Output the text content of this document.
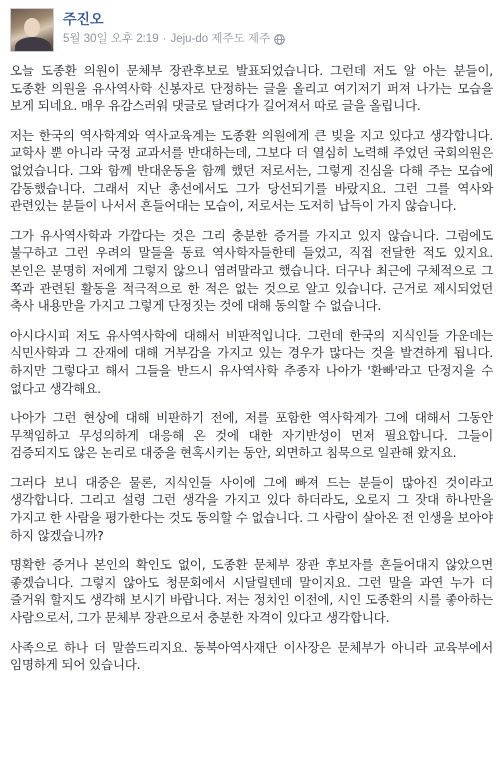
주진오
5월 30일 오후 2:19 · Jeju-do 제주도 제주

오늘 도종환 의원이 문체부 장관후보로 발표되었습니다. 그런데 저도 알 아는 분들이, 도종환 의원을 유사역사학 신봉자로 단정하는 글을 올리고 여기저기 퍼져 나가는 모습을 보게 되네요. 매우 유감스러워 댓글로 달려다가 길어져서 따로 글을 올립니다.

저는 한국의 역사학계와 역사교육계는 도종환 의원에게 큰 빚을 지고 있다고 생각합니다. 교학사 뿐 아니라 국정 교과서를 반대하는데, 그보다 더 열심히 노력해 주었던 국회의원은 없었습니다. 그와 함께 반대운동을 함께 했던 저로서는, 그렇게 진심을 다해 주는 모습에 감동했습니다. 그래서 지난 총선에서도 그가 당선되기를 바랐지요. 그런 그를 역사와 관련있는 분들이 나서서 흔들어대는 모습이, 저로서는 도저히 납득이 가지 않습니다.

그가 유사역사학과 가깝다는 것은 그리 충분한 증거를 가지고 있지 않습니다. 그럼에도 불구하고 그런 우려의 말들을 동료 역사학자들한테 들었고, 직접 전달한 적도 있지요. 본인은 분명히 저에게 그렇지 않으니 염려말라고 했습니다. 더구나 최근에 구체적으로 그 쪽과 관련된 활동을 적극적으로 한 적은 없는 것으로 알고 있습니다. 근거로 제시되었던 축사 내용만을 가지고 그렇게 단정짓는 것에 대해 동의할 수 없습니다.

아시다시피 저도 유사역사학에 대해서 비판적입니다. 그런데 한국의 지식인들 가운데는 식민사학과 그 잔재에 대해 거부감을 가지고 있는 경우가 많다는 것을 발견하게 됩니다. 하지만 그렇다고 해서 그들을 반드시 유사역사학 추종자 나아가 '환빠'라고 단정지을 수 없다고 생각해요.

나아가 그런 현상에 대해 비판하기 전에, 저를 포함한 역사학계가 그에 대해서 그동안 무책임하고 무성의하게 대응해 온 것에 대한 자기반성이 먼저 필요합니다. 그들이 검증되지도 않은 논리로 대중을 현혹시키는 동안, 외면하고 침묵으로 일관해 왔지요.

그러다 보니 대중은 물론, 지식인들 사이에 그에 빠져 드는 분들이 많아진 것이라고 생각합니다. 그리고 설령 그런 생각을 가지고 있다 하더라도, 오로지 그 잣대 하나만을 가지고 한 사람을 평가한다는 것도 동의할 수 없습니다. 그 사람이 살아온 전 인생을 보아야 하지 않겠습니까?

명확한 증거나 본인의 확인도 없이, 도종환 문체부 장관 후보자를 흔들어대지 않았으면 좋겠습니다. 그렇지 않아도 청문회에서 시달릴텐데 말이지요. 그런 말을 과연 누가 더 즐거워 할지도 생각해 보시기 바랍니다. 저는 정치인 이전에, 시인 도종환의 시를 좋아하는 사람으로서, 그가 문체부 장관으로서 충분한 자격이 있다고 생각합니다.

사족으로 하나 더 말씀드리지요. 동북아역사재단 이사장은 문체부가 아니라 교육부에서 임명하게 되어 있습니다.
